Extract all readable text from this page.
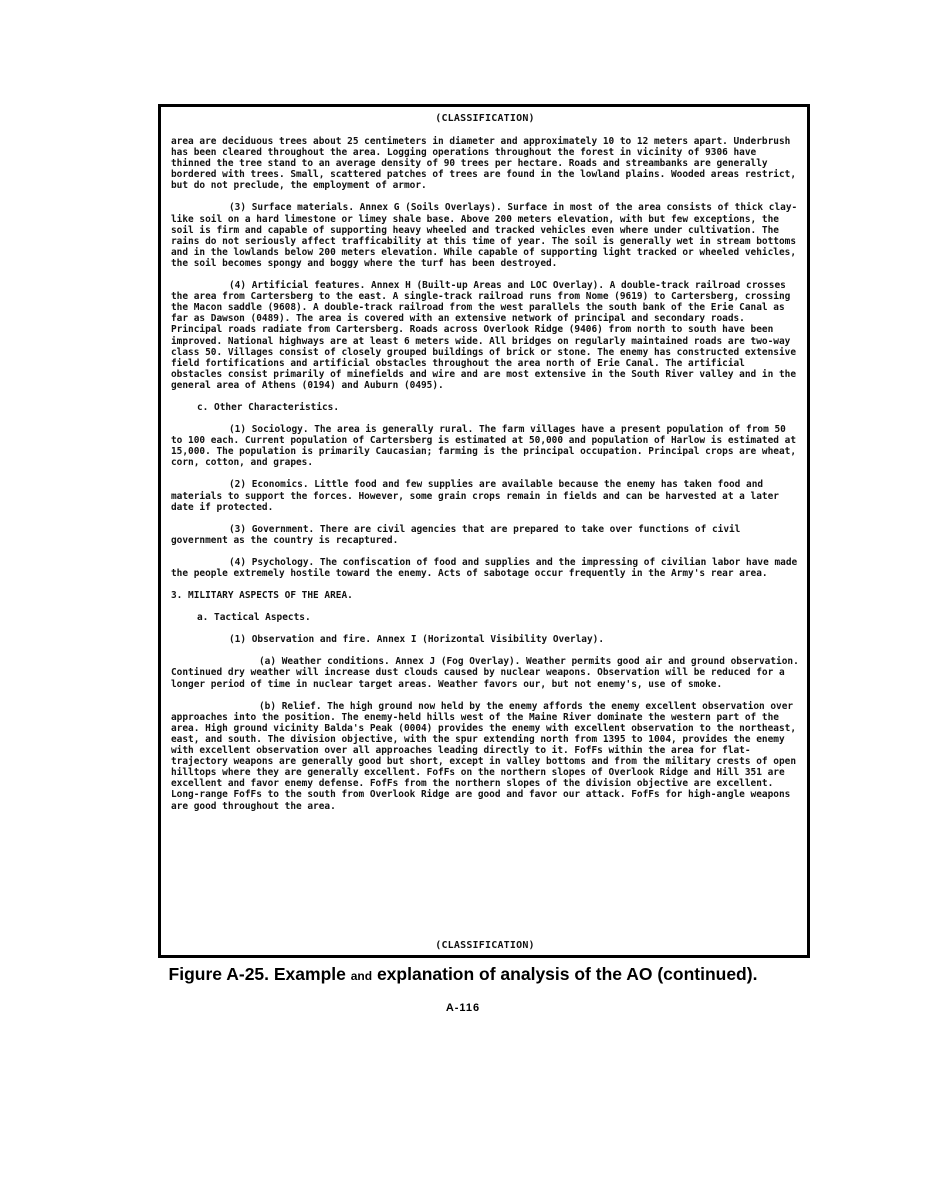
(CLASSIFICATION)

area are deciduous trees about 25 centimeters in diameter and approximately 10 to 12 meters apart. Underbrush has been cleared throughout the area. Logging operations throughout the forest in vicinity of 9306 have thinned the tree stand to an average density of 90 trees per hectare. Roads and streambanks are generally bordered with trees. Small, scattered patches of trees are found in the lowland plains. Wooded areas restrict, but do not preclude, the employment of armor.

(3) Surface materials. Annex G (Soils Overlays). Surface in most of the area consists of thick clay-like soil on a hard limestone or limey shale base. Above 200 meters elevation, with but few exceptions, the soil is firm and capable of supporting heavy wheeled and tracked vehicles even where under cultivation. The rains do not seriously affect trafficability at this time of year. The soil is generally wet in stream bottoms and in the lowlands below 200 meters elevation. While capable of supporting light tracked or wheeled vehicles, the soil becomes spongy and boggy where the turf has been destroyed.

(4) Artificial features. Annex H (Built-up Areas and LOC Overlay). A double-track railroad crosses the area from Cartersberg to the east. A single-track railroad runs from Nome (9619) to Cartersberg, crossing the Macon saddle (9608). A double-track railroad from the west parallels the south bank of the Erie Canal as far as Dawson (0489). The area is covered with an extensive network of principal and secondary roads. Principal roads radiate from Cartersberg. Roads across Overlook Ridge (9406) from north to south have been improved. National highways are at least 6 meters wide. All bridges on regularly maintained roads are two-way class 50. Villages consist of closely grouped buildings of brick or stone. The enemy has constructed extensive field fortifications and artificial obstacles throughout the area north of Erie Canal. The artificial obstacles consist primarily of minefields and wire and are most extensive in the South River valley and in the general area of Athens (0194) and Auburn (0495).

c. Other Characteristics.

(1) Sociology. The area is generally rural. The farm villages have a present population of from 50 to 100 each. Current population of Cartersberg is estimated at 50,000 and population of Harlow is estimated at 15,000. The population is primarily Caucasian; farming is the principal occupation. Principal crops are wheat, corn, cotton, and grapes.

(2) Economics. Little food and few supplies are available because the enemy has taken food and materials to support the forces. However, some grain crops remain in fields and can be harvested at a later date if protected.

(3) Government. There are civil agencies that are prepared to take over functions of civil government as the country is recaptured.

(4) Psychology. The confiscation of food and supplies and the impressing of civilian labor have made the people extremely hostile toward the enemy. Acts of sabotage occur frequently in the Army's rear area.

3. MILITARY ASPECTS OF THE AREA.
a. Tactical Aspects.
(1) Observation and fire. Annex I (Horizontal Visibility Overlay).

(a) Weather conditions. Annex J (Fog Overlay). Weather permits good air and ground observation. Continued dry weather will increase dust clouds caused by nuclear weapons. Observation will be reduced for a longer period of time in nuclear target areas. Weather favors our, but not enemy's, use of smoke.

(b) Relief. The high ground now held by the enemy affords the enemy excellent observation over approaches into the position. The enemy-held hills west of the Maine River dominate the western part of the area. High ground vicinity Balda's Peak (0004) provides the enemy with excellent observation to the northeast, east, and south. The division objective, with the spur extending north from 1395 to 1004, provides the enemy with excellent observation over all approaches leading directly to it. FofFs within the area for flat-trajectory weapons are generally good but short, except in valley bottoms and from the military crests of open hilltops where they are generally excellent. FofFs on the northern slopes of Overlook Ridge and Hill 351 are excellent and favor enemy defense. FofFs from the northern slopes of the division objective are excellent. Long-range FofFs to the south from Overlook Ridge are good and favor our attack. FofFs for high-angle weapons are good throughout the area.

(CLASSIFICATION)
Figure A-25. Example and explanation of analysis of the AO (continued).
A-116
